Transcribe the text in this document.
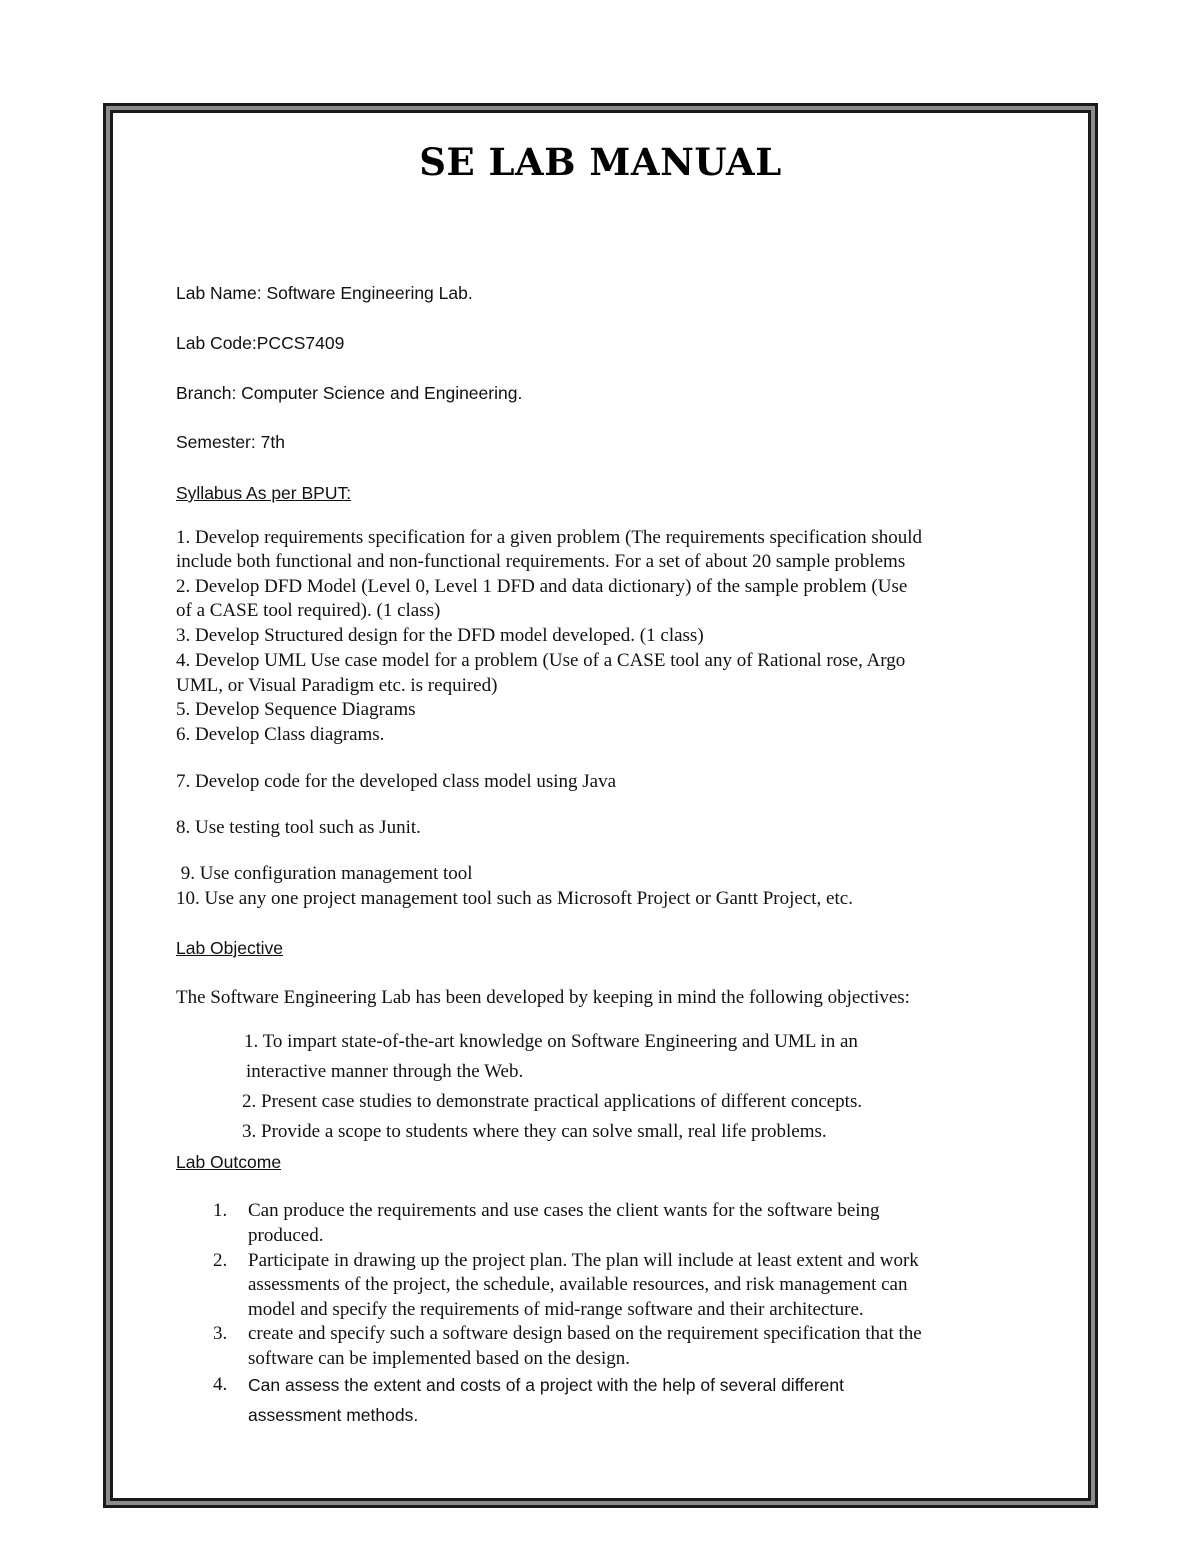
SE LAB MANUAL
Lab Name: Software Engineering Lab.
Lab Code:PCCS7409
Branch: Computer Science and Engineering.
Semester: 7th
Syllabus As per BPUT:
1. Develop requirements specification for a given problem (The requirements specification should
include both functional and non-functional requirements. For a set of about 20 sample problems
2. Develop DFD Model (Level 0, Level 1 DFD and data dictionary) of the sample problem (Use
of a CASE tool required). (1 class)
3. Develop Structured design for the DFD model developed. (1 class)
4. Develop UML Use case model for a problem (Use of a CASE tool any of Rational rose, Argo
UML, or Visual Paradigm etc. is required)
5. Develop Sequence Diagrams
6. Develop Class diagrams.
7. Develop code for the developed class model using Java
8. Use testing tool such as Junit.
9. Use configuration management tool
10. Use any one project management tool such as Microsoft Project or Gantt Project, etc.
Lab Objective
The Software Engineering Lab has been developed by keeping in mind the following objectives:
1. To impart state-of-the-art knowledge on Software Engineering and UML in an
interactive manner through the Web.
2. Present case studies to demonstrate practical applications of different concepts.
3. Provide a scope to students where they can solve small, real life problems.
Lab Outcome
1. Can produce the requirements and use cases the client wants for the software being
produced.
2. Participate in drawing up the project plan. The plan will include at least extent and work
assessments of the project, the schedule, available resources, and risk management can
model and specify the requirements of mid-range software and their architecture.
3. create and specify such a software design based on the requirement specification that the
software can be implemented based on the design.
4. Can assess the extent and costs of a project with the help of several different
assessment methods.
